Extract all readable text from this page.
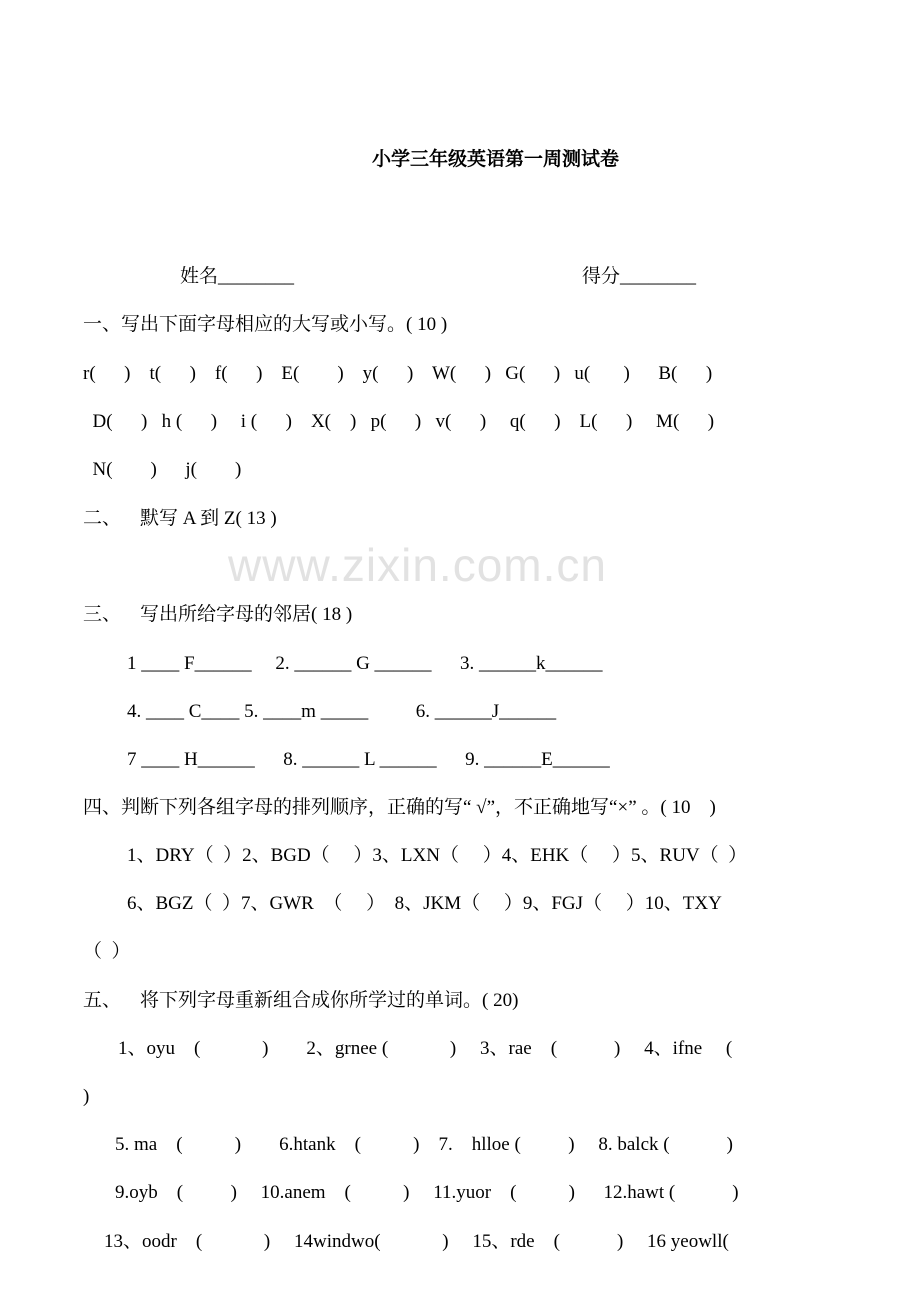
www.zixin.com.cn
小学三年级英语第一周测试卷
姓名________	得分________
一、写出下面字母相应的大写或小写。( 10 )
r(      )    t(      )    f(      )    E(        )    y(      )    W(      )   G(      )   u(       )      B(      )
D(      )   h (      )     i (      )    X(    )   p(      )   v(      )     q(      )    L(      )     M(      )
N(        )      j(        )
二、    默写 A 到 Z( 13 )
三、    写出所给字母的邻居( 18 )
1 ____ F______     2. ______ G ______      3. ______k______
4. ____ C____ 5. ____m _____          6. ______J______
7 ____ H______      8. ______ L ______      9. ______E______
四、判断下列各组字母的排列顺序，正确的写“ √”，不正确地写“×” 。( 10    )
1、DRY（  ）2、BGD（     ）3、LXN（     ）4、EHK（     ）5、RUV（  ）
6、BGZ（  ）7、GWR  （     ）  8、JKM（     ）9、FGJ（     ）10、TXY
（  ）
五、    将下列字母重新组合成你所学过的单词。( 20)
1、oyu    (             )        2、grnee (             )     3、rae    (            )     4、ifne     (
)
5. ma    (           )        6.htank    (           )    7.    hlloe (          )     8. balck (            )
9.oyb    (          )     10.anem    (           )     11.yuor    (           )      12.hawt (            )
13、oodr    (             )     14windwo(             )     15、rde    (            )     16 yeowll(
